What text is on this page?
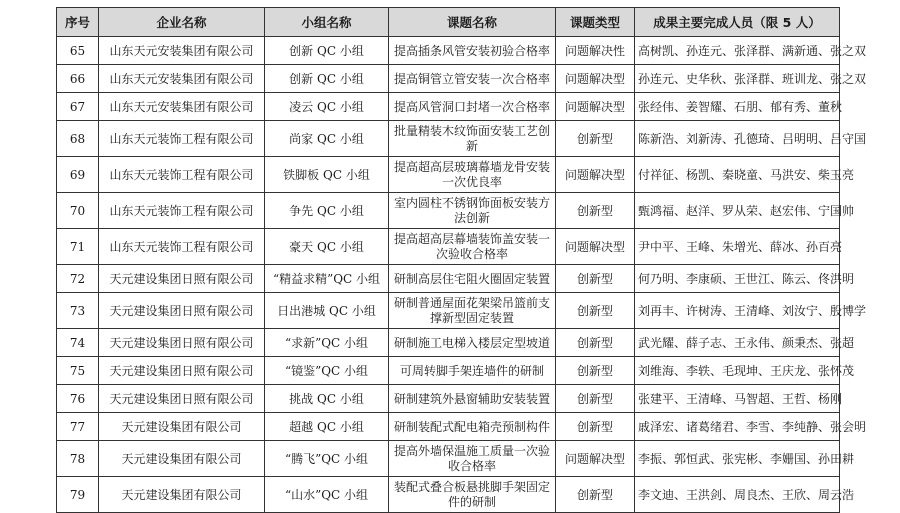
序号	企业名称	小组名称	课题名称	课题类型	成果主要完成人员（限 5 人）
65	山东天元安装集团有限公司	创新 QC 小组	提高插条风管安装初验合格率	问题解决性	高树凯、孙连元、张泽群、满新通、张之双
66	山东天元安装集团有限公司	创新 QC 小组	提高铜管立管安装一次合格率	问题解决型	孙连元、史华秋、张泽群、班训龙、张之双
67	山东天元安装集团有限公司	凌云 QC 小组	提高风管洞口封堵一次合格率	问题解决型	张经伟、姜智耀、石朋、郁有秀、董秋
68	山东天元装饰工程有限公司	尚家 QC 小组	批量精装木纹饰面安装工艺创新	创新型	陈新浩、刘新涛、孔德琦、吕明明、吕守国
69	山东天元装饰工程有限公司	铁脚板 QC 小组	提高超高层玻璃幕墙龙骨安装一次优良率	问题解决型	付祥征、杨凯、秦晓童、马洪安、柴玉亮
70	山东天元装饰工程有限公司	争先 QC 小组	室内圆柱不锈钢饰面板安装方法创新	创新型	甄鸿福、赵洋、罗从荣、赵宏伟、宁国帅
71	山东天元装饰工程有限公司	豪天 QC 小组	提高超高层幕墙装饰盖安装一次验收合格率	问题解决型	尹中平、王峰、朱增光、薛冰、孙百亮
72	天元建设集团日照有限公司	“精益求精”QC 小组	研制高层住宅阻火圈固定装置	创新型	何乃明、李康硕、王世江、陈云、佟洪明
73	天元建设集团日照有限公司	日出港城 QC 小组	研制普通屋面花架梁吊篮前支撑新型固定装置	创新型	刘再丰、许树涛、王清峰、刘汝宁、殷博学
74	天元建设集团日照有限公司	“求新”QC 小组	研制施工电梯入楼层定型坡道	创新型	武光耀、薛子志、王永伟、颜秉杰、张超
75	天元建设集团日照有限公司	“镜鉴”QC 小组	可周转脚手架连墙件的研制	创新型	刘维海、李轶、毛现坤、王庆龙、张怀茂
76	天元建设集团日照有限公司	挑战 QC 小组	研制建筑外悬窗辅助安装装置	创新型	张建平、王清峰、马智超、王哲、杨刚
77	天元建设集团有限公司	超越 QC 小组	研制装配式配电箱壳预制构件	创新型	戚泽宏、诸葛绪君、李雪、李纯静、张会明
78	天元建设集团有限公司	“腾飞”QC 小组	提高外墙保温施工质量一次验收合格率	问题解决型	李振、郭恒武、张宪彬、李姗国、孙田耕
79	天元建设集团有限公司	“山水”QC 小组	装配式叠合板悬挑脚手架固定件的研制	创新型	李文迪、王洪剑、周良杰、王欣、周云浩
